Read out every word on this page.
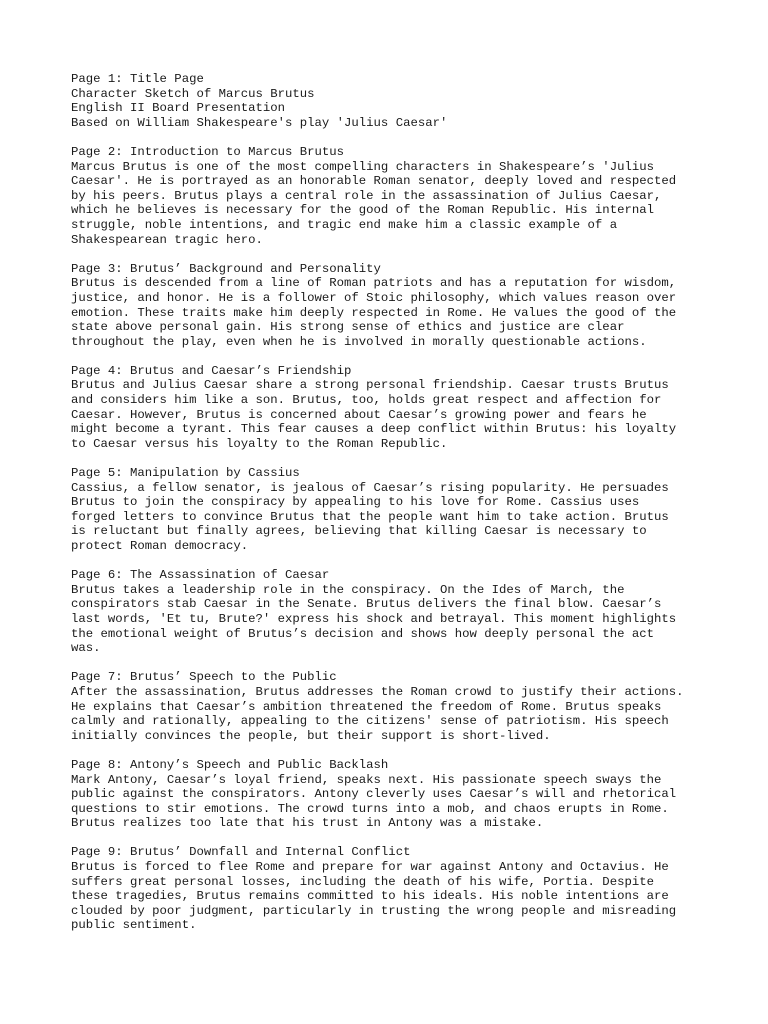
Page 1: Title Page
Character Sketch of Marcus Brutus
English II Board Presentation
Based on William Shakespeare's play 'Julius Caesar'
Page 2: Introduction to Marcus Brutus
Marcus Brutus is one of the most compelling characters in Shakespeare’s 'Julius
Caesar'. He is portrayed as an honorable Roman senator, deeply loved and respected
by his peers. Brutus plays a central role in the assassination of Julius Caesar,
which he believes is necessary for the good of the Roman Republic. His internal
struggle, noble intentions, and tragic end make him a classic example of a
Shakespearean tragic hero.
Page 3: Brutus’ Background and Personality
Brutus is descended from a line of Roman patriots and has a reputation for wisdom,
justice, and honor. He is a follower of Stoic philosophy, which values reason over
emotion. These traits make him deeply respected in Rome. He values the good of the
state above personal gain. His strong sense of ethics and justice are clear
throughout the play, even when he is involved in morally questionable actions.
Page 4: Brutus and Caesar’s Friendship
Brutus and Julius Caesar share a strong personal friendship. Caesar trusts Brutus
and considers him like a son. Brutus, too, holds great respect and affection for
Caesar. However, Brutus is concerned about Caesar’s growing power and fears he
might become a tyrant. This fear causes a deep conflict within Brutus: his loyalty
to Caesar versus his loyalty to the Roman Republic.
Page 5: Manipulation by Cassius
Cassius, a fellow senator, is jealous of Caesar’s rising popularity. He persuades
Brutus to join the conspiracy by appealing to his love for Rome. Cassius uses
forged letters to convince Brutus that the people want him to take action. Brutus
is reluctant but finally agrees, believing that killing Caesar is necessary to
protect Roman democracy.
Page 6: The Assassination of Caesar
Brutus takes a leadership role in the conspiracy. On the Ides of March, the
conspirators stab Caesar in the Senate. Brutus delivers the final blow. Caesar’s
last words, 'Et tu, Brute?' express his shock and betrayal. This moment highlights
the emotional weight of Brutus’s decision and shows how deeply personal the act
was.
Page 7: Brutus’ Speech to the Public
After the assassination, Brutus addresses the Roman crowd to justify their actions.
He explains that Caesar’s ambition threatened the freedom of Rome. Brutus speaks
calmly and rationally, appealing to the citizens' sense of patriotism. His speech
initially convinces the people, but their support is short-lived.
Page 8: Antony’s Speech and Public Backlash
Mark Antony, Caesar’s loyal friend, speaks next. His passionate speech sways the
public against the conspirators. Antony cleverly uses Caesar’s will and rhetorical
questions to stir emotions. The crowd turns into a mob, and chaos erupts in Rome.
Brutus realizes too late that his trust in Antony was a mistake.
Page 9: Brutus’ Downfall and Internal Conflict
Brutus is forced to flee Rome and prepare for war against Antony and Octavius. He
suffers great personal losses, including the death of his wife, Portia. Despite
these tragedies, Brutus remains committed to his ideals. His noble intentions are
clouded by poor judgment, particularly in trusting the wrong people and misreading
public sentiment.
